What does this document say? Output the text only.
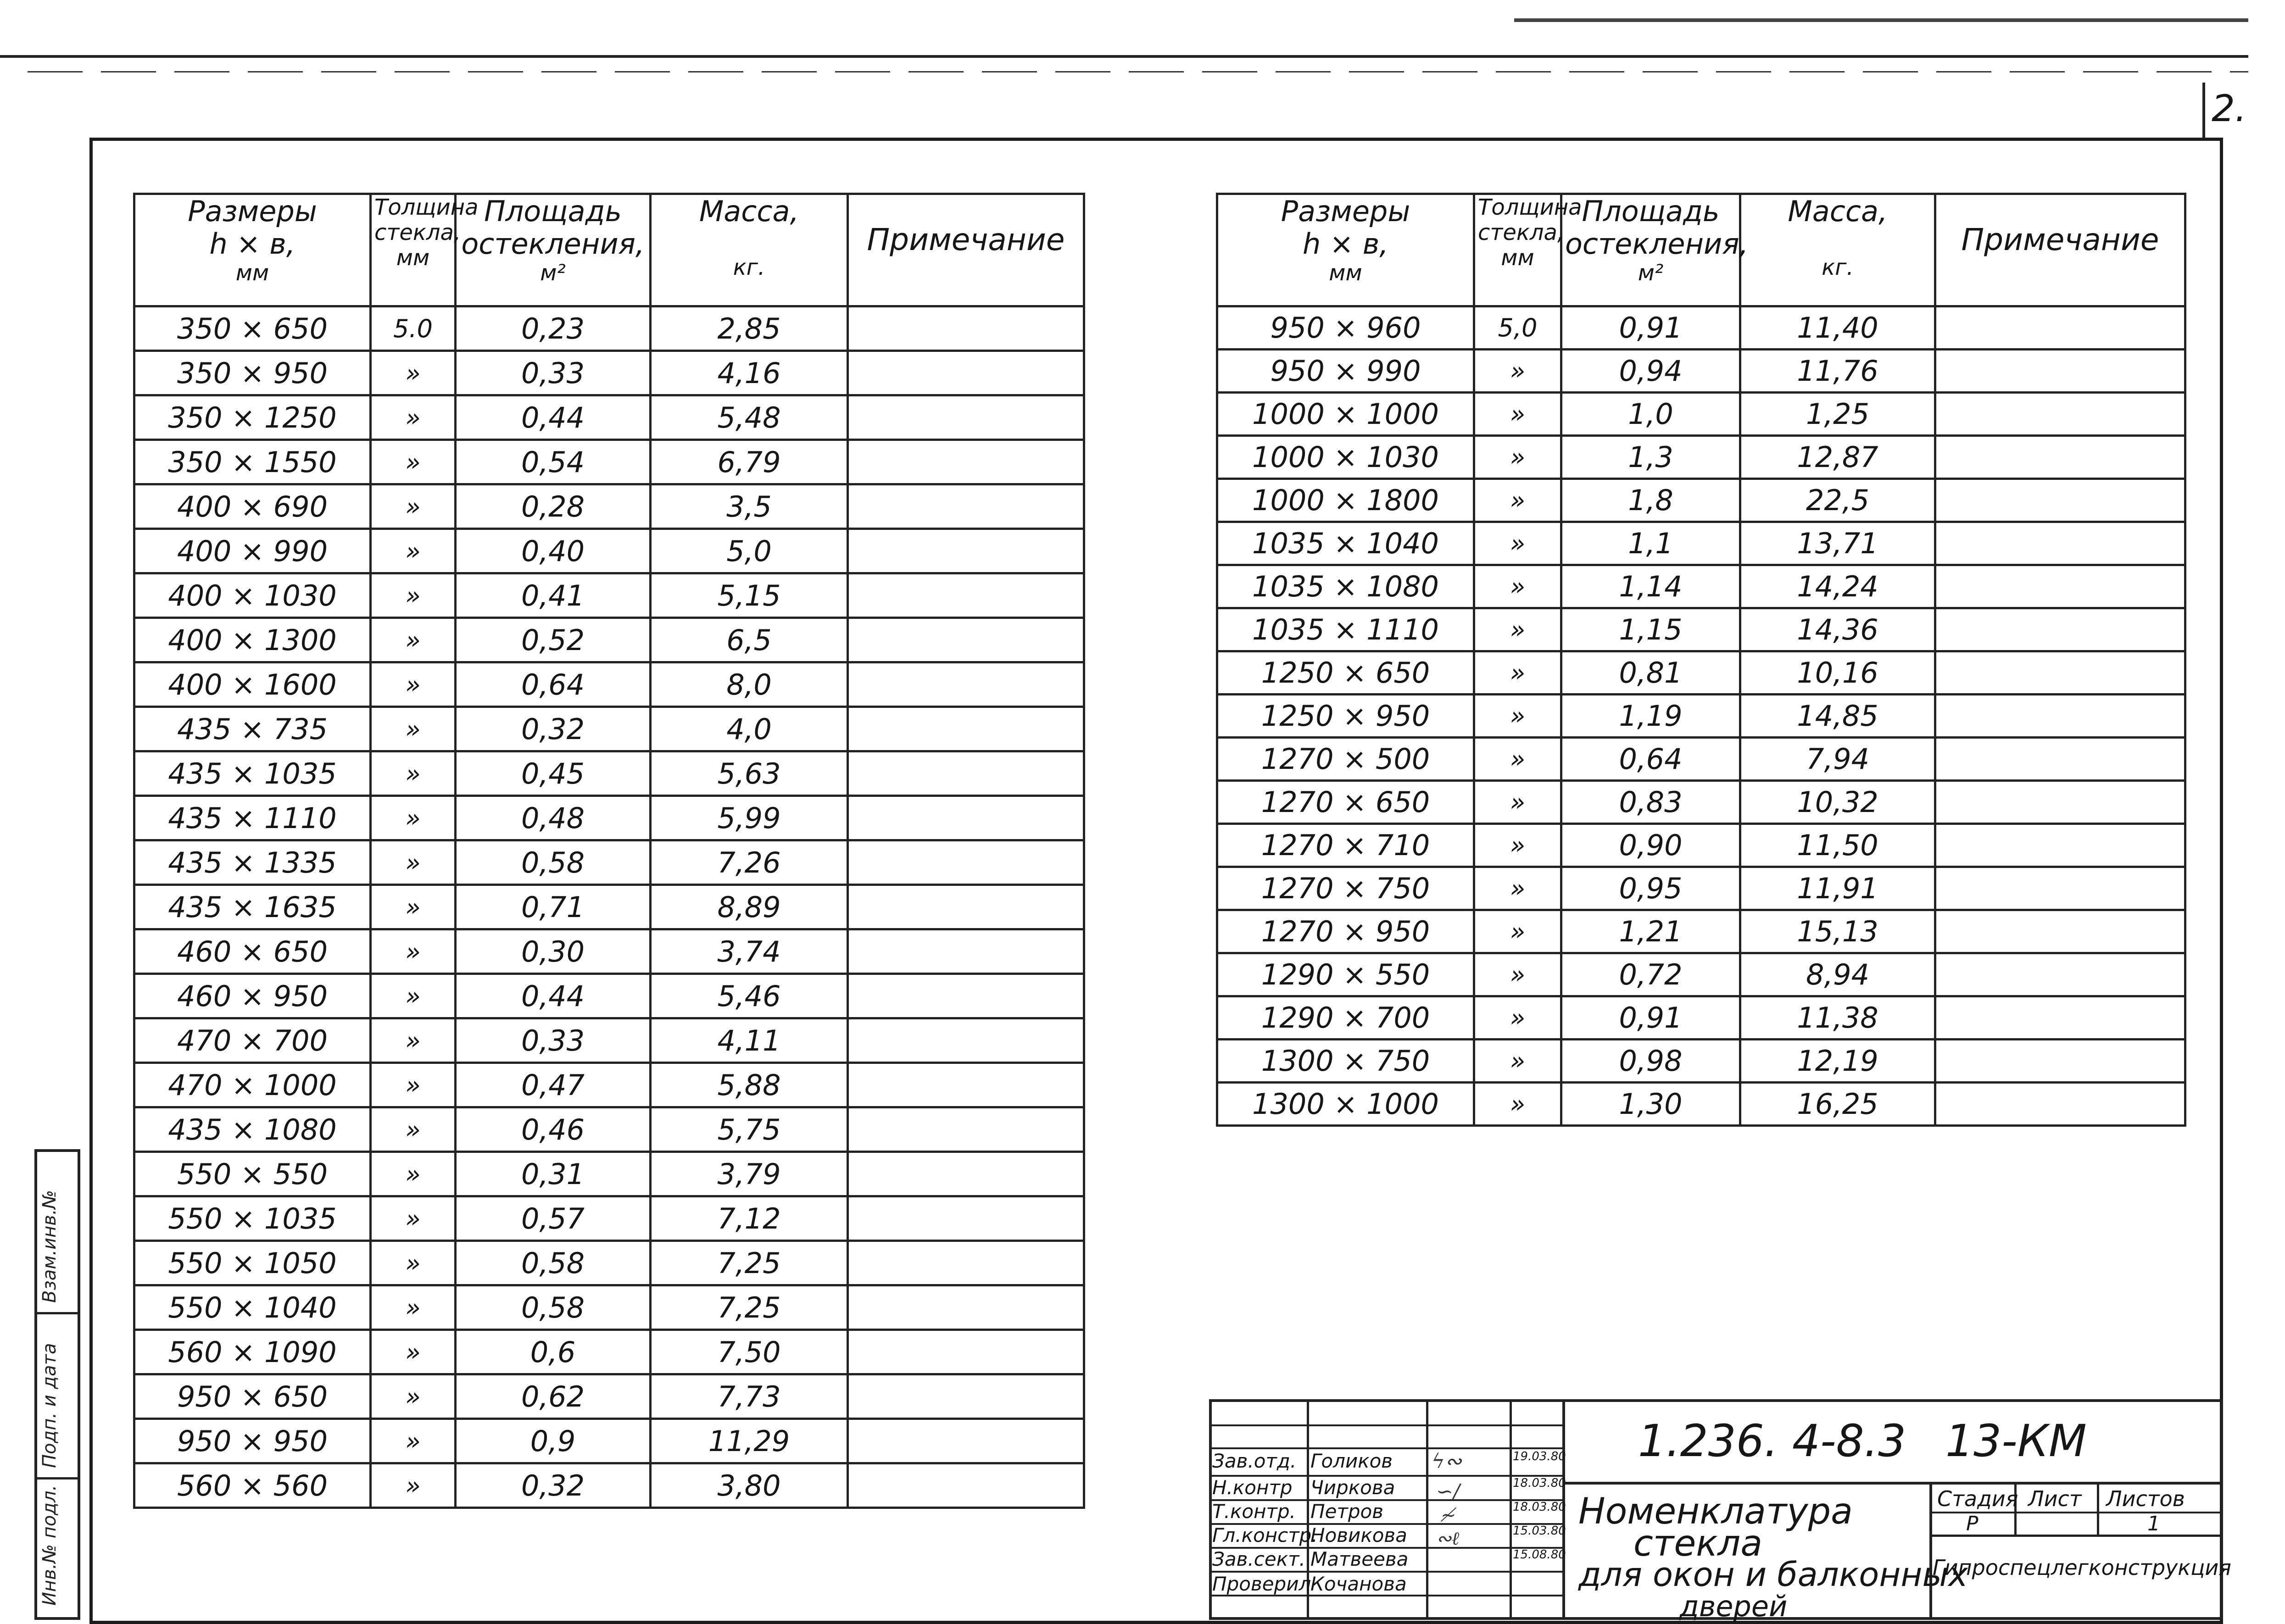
2.
Взам.инв.№
Подп. и дата
Инв.№ подл.
Размеры
h × в,
мм	Толщина
стекла,
мм	Площадь
остекления,
м²	Масса,
кг.	Примечание

350 × 650	5.0	0,23	2,85	
350 × 950	»	0,33	4,16	
350 × 1250	»	0,44	5,48	
350 × 1550	»	0,54	6,79	
400 × 690	»	0,28	3,5	
400 × 990	»	0,40	5,0	
400 × 1030	»	0,41	5,15	
400 × 1300	»	0,52	6,5	
400 × 1600	»	0,64	8,0	
435 × 735	»	0,32	4,0	
435 × 1035	»	0,45	5,63	
435 × 1110	»	0,48	5,99	
435 × 1335	»	0,58	7,26	
435 × 1635	»	0,71	8,89	
460 × 650	»	0,30	3,74	
460 × 950	»	0,44	5,46	
470 × 700	»	0,33	4,11	
470 × 1000	»	0,47	5,88	
435 × 1080	»	0,46	5,75	
550 × 550	»	0,31	3,79	
550 × 1035	»	0,57	7,12	
550 × 1050	»	0,58	7,25	
550 × 1040	»	0,58	7,25	
560 × 1090	»	0,6	7,50	
950 × 650	»	0,62	7,73	
950 × 950	»	0,9	11,29	
560 × 560	»	0,32	3,80	
Размеры
h × в,
мм	Толщина
стекла,
мм	Площадь
остекления,
м²	Масса,
кг.	Примечание

950 × 960	5,0	0,91	11,40	
950 × 990	»	0,94	11,76	
1000 × 1000	»	1,0	1,25	
1000 × 1030	»	1,3	12,87	
1000 × 1800	»	1,8	22,5	
1035 × 1040	»	1,1	13,71	
1035 × 1080	»	1,14	14,24	
1035 × 1110	»	1,15	14,36	
1250 × 650	»	0,81	10,16	
1250 × 950	»	1,19	14,85	
1270 × 500	»	0,64	7,94	
1270 × 650	»	0,83	10,32	
1270 × 710	»	0,90	11,50	
1270 × 750	»	0,95	11,91	
1270 × 950	»	1,21	15,13	
1290 × 550	»	0,72	8,94	
1290 × 700	»	0,91	11,38	
1300 × 750	»	0,98	12,19	
1300 × 1000	»	1,30	16,25	
1.236. 4-8.3 13-КМ
Номенклатура
стекла
для окон и балконных
дверей
Стадия Лист Листов
Р	1
Гипроспецлегконструкция
Зав.отд. Голиков	19.03.80
Н.контр Чиркова	18.03.80
Т.контр. Петров	18.03.80
Гл.констр.
Новикова	15.03.80
Зав.сект. Матвеева	15.08.80
Проверил
Кочанова
ϟ∾
∽∕
≁
∾ℓ
